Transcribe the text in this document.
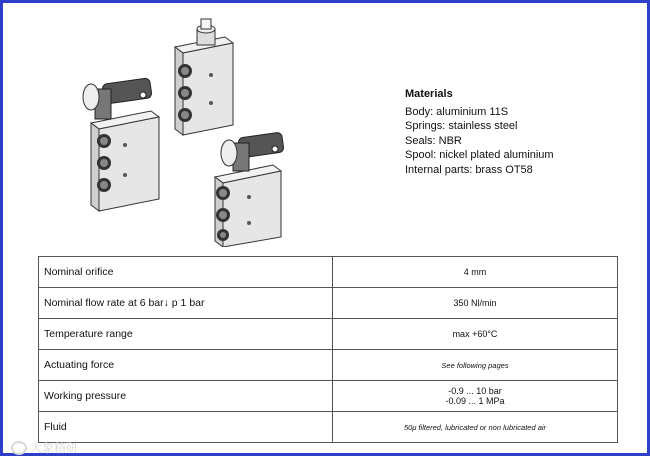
Materials
Body: aluminium 11S
Springs: stainless steel
Seals: NBR
Spool: nickel plated aluminium
Internal parts: brass OT58
Nominal orifice	4 mm
Nominal flow rate at 6 bar↓ p 1 bar	350 Nl/min
Temperature range	max +60°C
Actuating force	See following pages
Working pressure	-0.9 ... 10 bar
-0.09 ... 1 MPa

Fluid	50μ filtered, lubricated or non lubricated air
大象精研
